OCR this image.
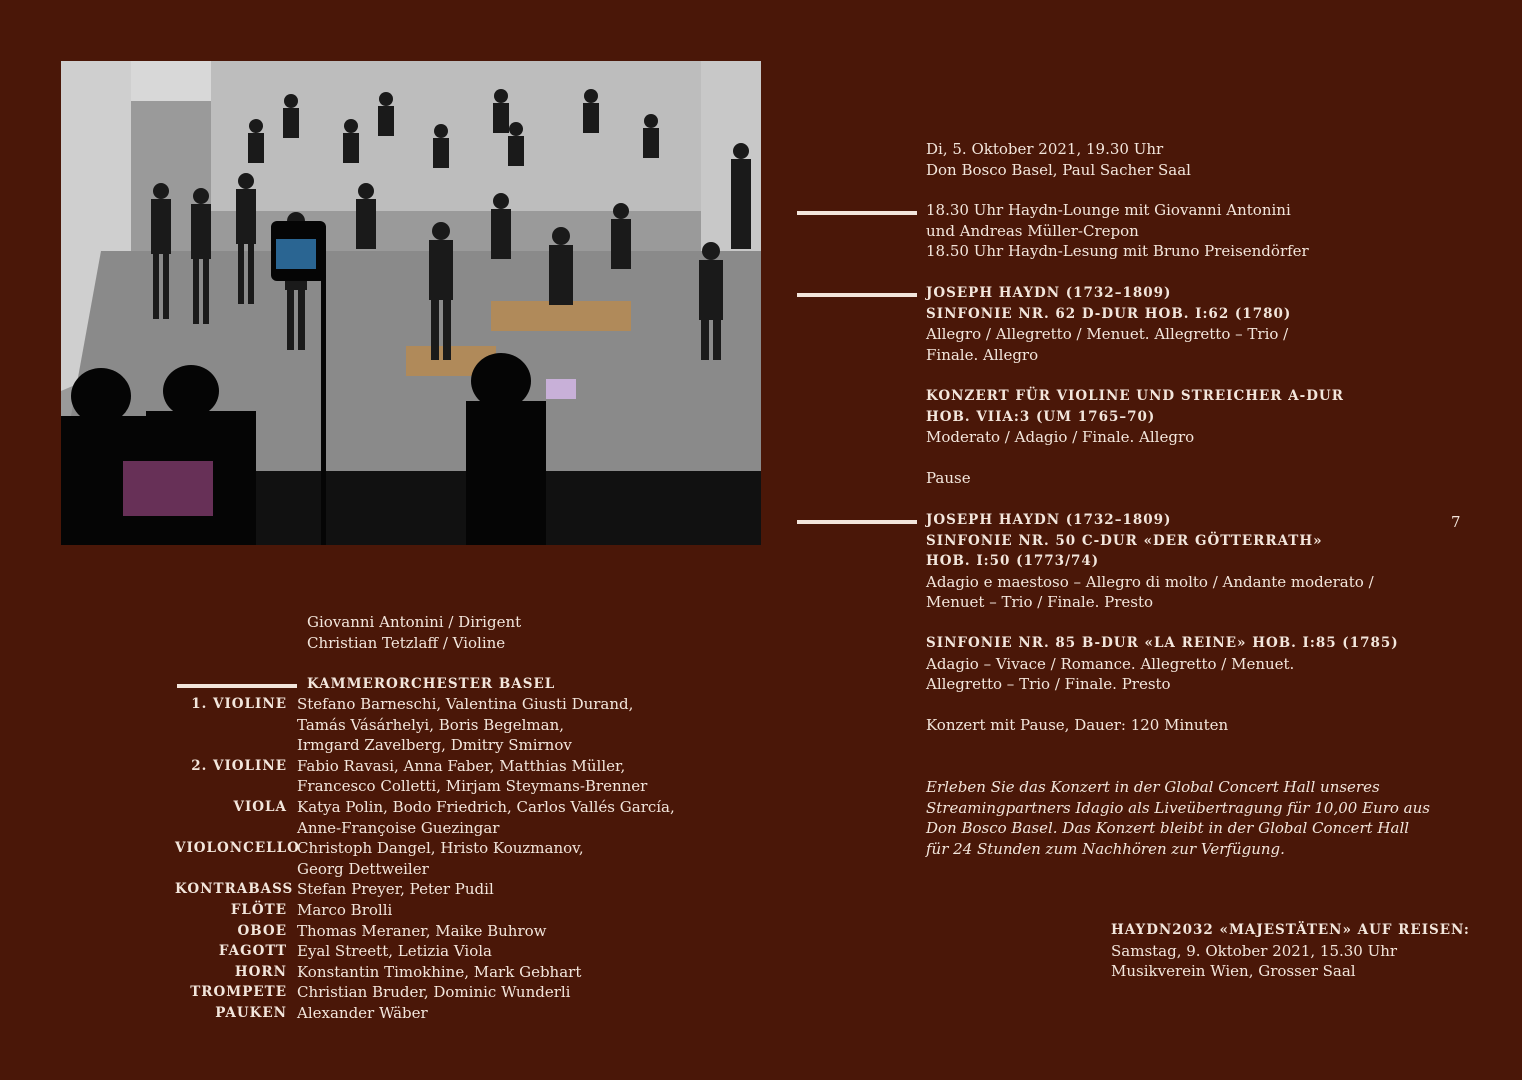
Di, 5. Oktober 2021, 19.30 Uhr
Don Bosco Basel, Paul Sacher Saal
18.30 Uhr Haydn-Lounge mit Giovanni Antonini
und Andreas Müller-Crepon
18.50 Uhr Haydn-Lesung mit Bruno Preisendörfer
JOSEPH HAYDN (1732–1809)
SINFONIE NR. 62 D-DUR HOB. I:62 (1780)
Allegro / Allegretto / Menuet. Allegretto – Trio /
Finale. Allegro
KONZERT FÜR VIOLINE UND STREICHER A-DUR
HOB. VIIA:3 (UM 1765–70)
Moderato / Adagio / Finale. Allegro
Pause
JOSEPH HAYDN (1732–1809)
SINFONIE NR. 50 C-DUR «DER GÖTTERRATH»
HOB. I:50 (1773/74)
Adagio e maestoso – Allegro di molto / Andante moderato /
Menuet – Trio / Finale. Presto
7
SINFONIE NR. 85 B-DUR «LA REINE» HOB. I:85 (1785)
Adagio – Vivace / Romance. Allegretto / Menuet.
Allegretto – Trio / Finale. Presto
Konzert mit Pause, Dauer: 120 Minuten
Erleben Sie das Konzert in der Global Concert Hall unseres
Streamingpartners Idagio als Liveübertragung für 10,00 Euro aus
Don Bosco Basel. Das Konzert bleibt in der Global Concert Hall
für 24 Stunden zum Nachhören zur Verfügung.
HAYDN2032 «MAJESTÄTEN» AUF REISEN:
Samstag, 9. Oktober 2021, 15.30 Uhr
Musikverein Wien, Grosser Saal
Giovanni Antonini / Dirigent
Christian Tetzlaff / Violine
KAMMERORCHESTER BASEL
1. VIOLINE Stefano Barneschi, Valentina Giusti Durand,
Tamás Vásárhelyi, Boris Begelman,
Irmgard Zavelberg, Dmitry Smirnov
2. VIOLINE Fabio Ravasi, Anna Faber, Matthias Müller,
Francesco Colletti, Mirjam Steymans-Brenner
VIOLA Katya Polin, Bodo Friedrich, Carlos Vallés García,
Anne-Françoise Guezingar
VIOLONCELLO
Christoph Dangel, Hristo Kouzmanov,
Georg Dettweiler
KONTRABASS Stefan Preyer, Peter Pudil
FLÖTE Marco Brolli
OBOE Thomas Meraner, Maike Buhrow
FAGOTT Eyal Streett, Letizia Viola
HORN Konstantin Timokhine, Mark Gebhart
TROMPETE Christian Bruder, Dominic Wunderli
PAUKEN Alexander Wäber
